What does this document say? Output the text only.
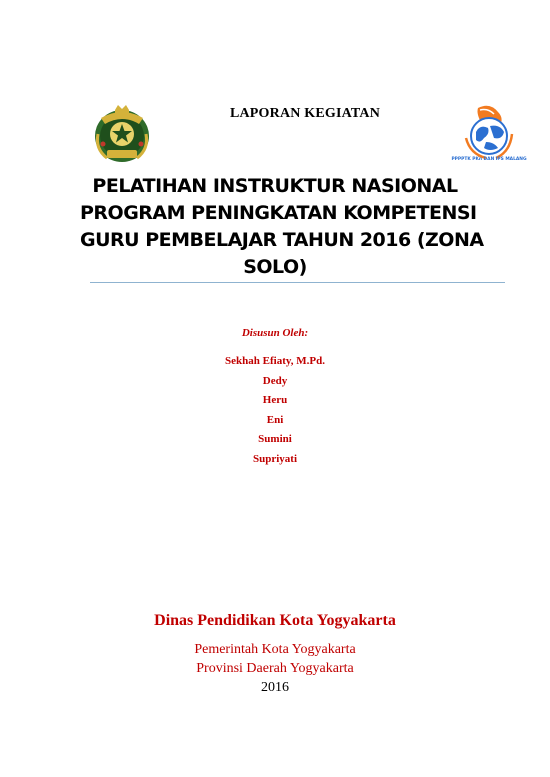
PPPPTK PKn DAN IPS MALANG
LAPORAN KEGIATAN
PELATIHAN INSTRUKTUR NASIONAL
PROGRAM PENINGKATAN KOMPETENSI
GURU PEMBELAJAR TAHUN 2016 (ZONA
SOLO)
Disusun Oleh:
Sekhah Efiaty, M.Pd.
Dedy
Heru
Eni
Sumini
Supriyati
Dinas Pendidikan Kota Yogyakarta
Pemerintah Kota Yogyakarta
Provinsi Daerah Yogyakarta
2016
